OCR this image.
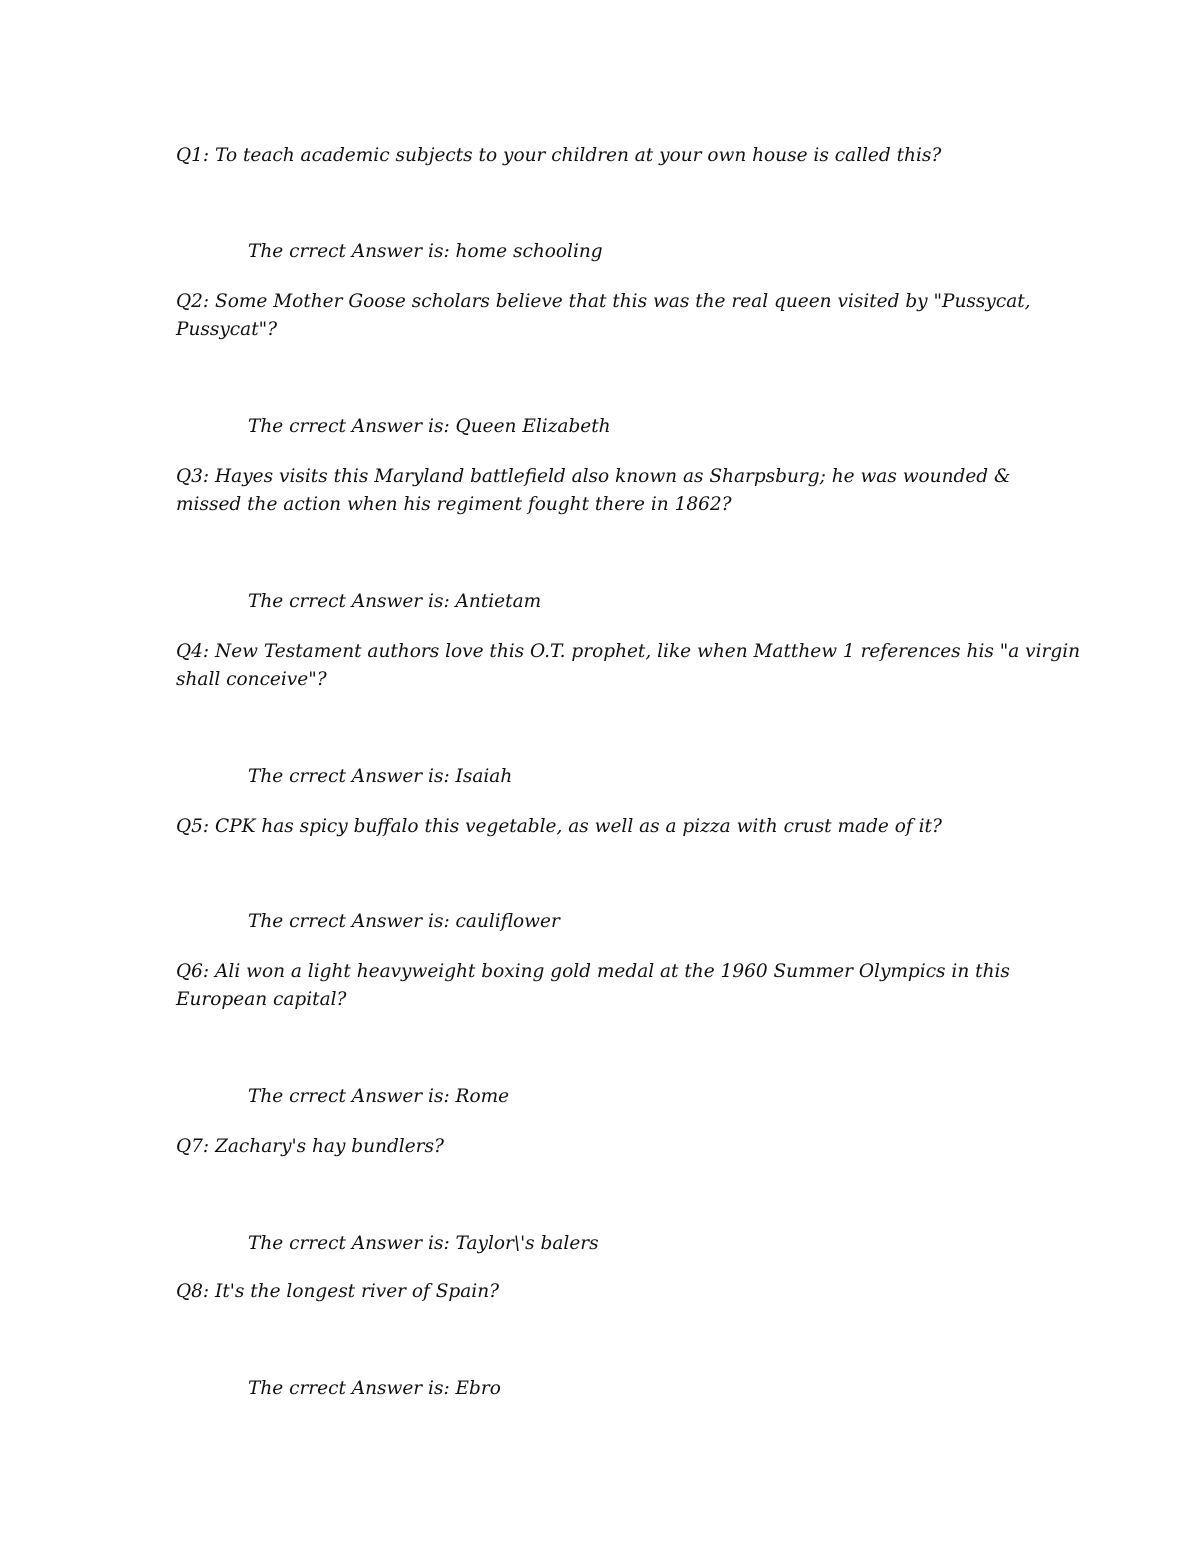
Q1: To teach academic subjects to your children at your own house is called this?
The crrect Answer is: home schooling
Q2: Some Mother Goose scholars believe that this was the real queen visited by "Pussycat,
Pussycat"?
The crrect Answer is: Queen Elizabeth
Q3: Hayes visits this Maryland battlefield also known as Sharpsburg; he was wounded &
missed the action when his regiment fought there in 1862?
The crrect Answer is: Antietam
Q4: New Testament authors love this O.T. prophet, like when Matthew 1 references his "a virgin
shall conceive"?
The crrect Answer is: Isaiah
Q5: CPK has spicy buffalo this vegetable, as well as a pizza with crust made of it?
The crrect Answer is: cauliflower
Q6: Ali won a light heavyweight boxing gold medal at the 1960 Summer Olympics in this
European capital?
The crrect Answer is: Rome
Q7: Zachary's hay bundlers?
The crrect Answer is: Taylor\'s balers
Q8: It's the longest river of Spain?
The crrect Answer is: Ebro
